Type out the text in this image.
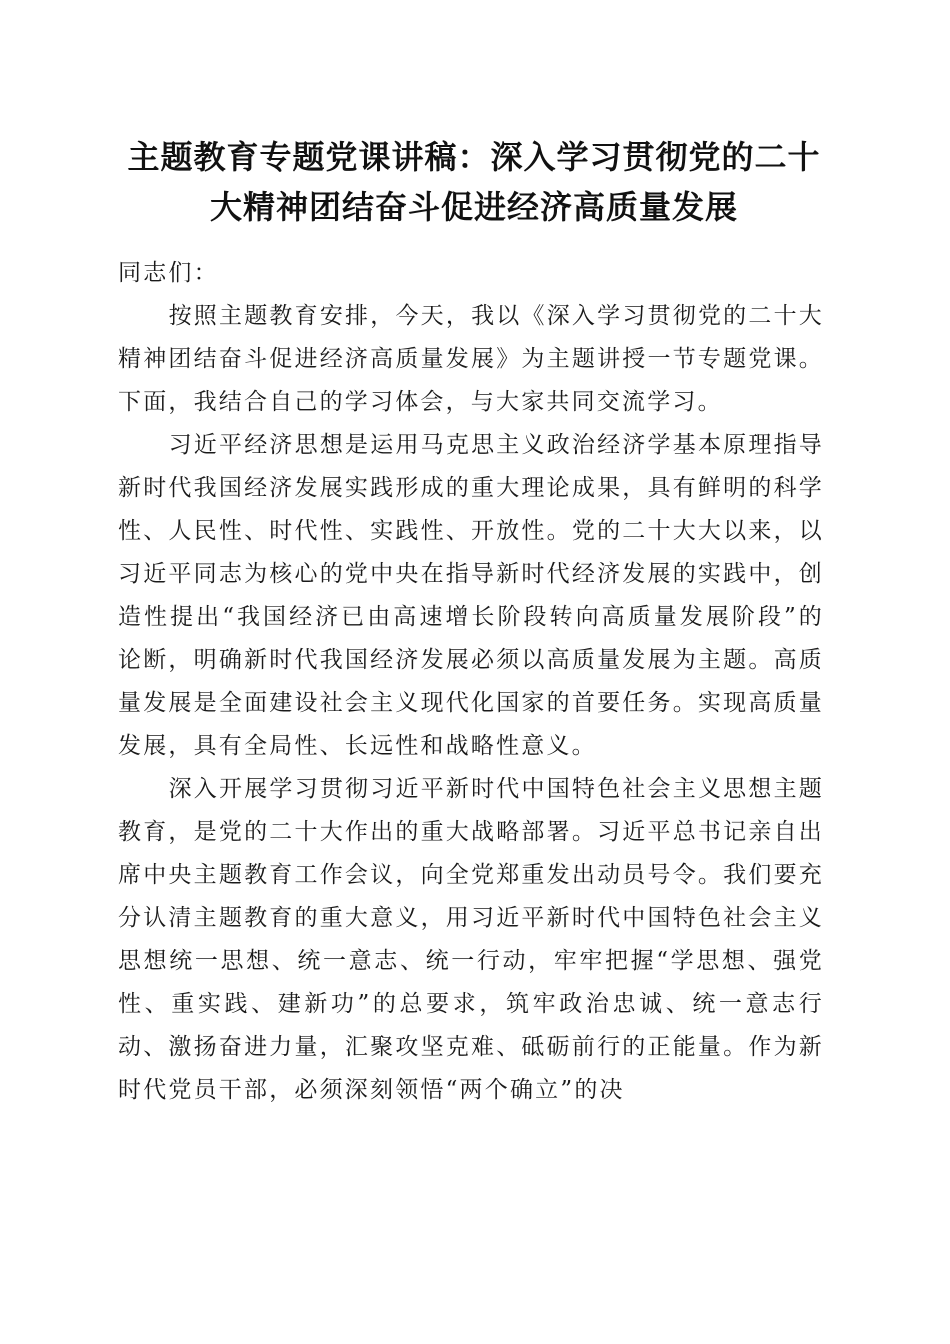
主题教育专题党课讲稿：深入学习贯彻党的二十大精神团结奋斗促进经济高质量发展

同志们：

按照主题教育安排，今天，我以《深入学习贯彻党的二十大精神团结奋斗促进经济高质量发展》为主题讲授一节专题党课。下面，我结合自己的学习体会，与大家共同交流学习。

习近平经济思想是运用马克思主义政治经济学基本原理指导新时代我国经济发展实践形成的重大理论成果，具有鲜明的科学性、人民性、时代性、实践性、开放性。党的二十大大以来，以习近平同志为核心的党中央在指导新时代经济发展的实践中，创造性提出“我国经济已由高速增长阶段转向高质量发展阶段”的论断，明确新时代我国经济发展必须以高质量发展为主题。高质量发展是全面建设社会主义现代化国家的首要任务。实现高质量发展，具有全局性、长远性和战略性意义。

深入开展学习贯彻习近平新时代中国特色社会主义思想主题教育，是党的二十大作出的重大战略部署。习近平总书记亲自出席中央主题教育工作会议，向全党郑重发出动员号令。我们要充分认清主题教育的重大意义，用习近平新时代中国特色社会主义思想统一思想、统一意志、统一行动，牢牢把握“学思想、强党性、重实践、建新功”的总要求，筑牢政治忠诚、统一意志行动、激扬奋进力量，汇聚攻坚克难、砥砺前行的正能量。作为新时代党员干部，必须深刻领悟“两个确立”的决
